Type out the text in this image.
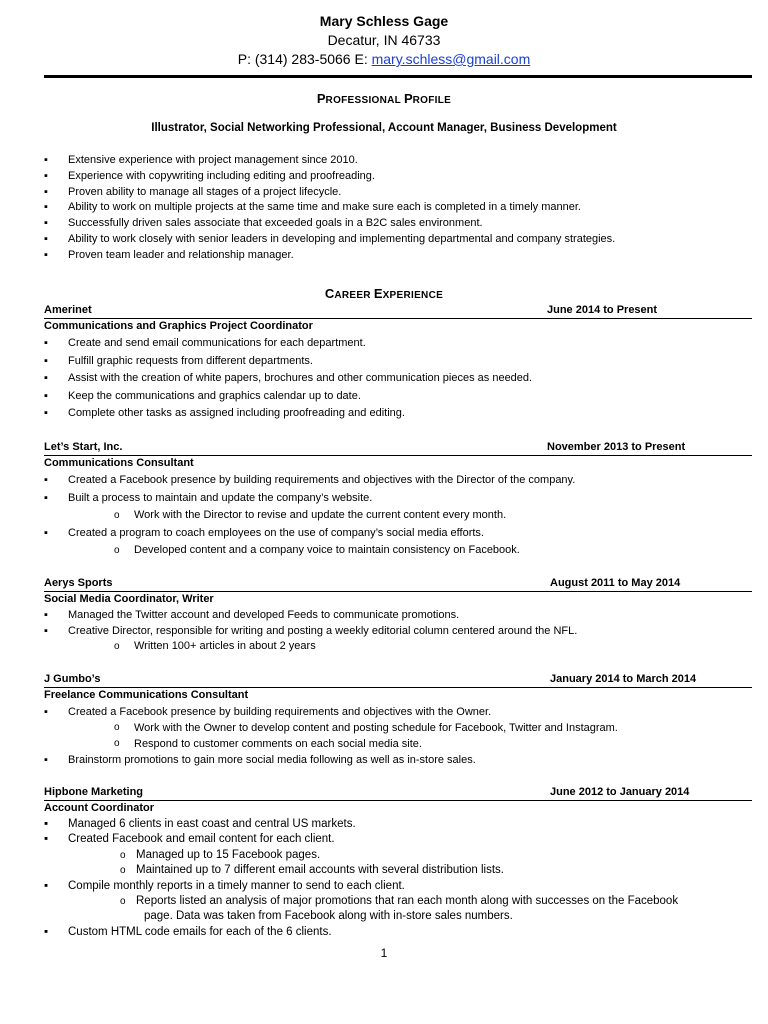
Mary Schless Gage
Decatur, IN 46733
P: (314) 283-5066 E: mary.schless@gmail.com
PROFESSIONAL PROFILE
Illustrator, Social Networking Professional, Account Manager, Business Development
▪ Extensive experience with project management since 2010.
▪ Experience with copywriting including editing and proofreading.
▪ Proven ability to manage all stages of a project lifecycle.
▪ Ability to work on multiple projects at the same time and make sure each is completed in a timely manner.
▪ Successfully driven sales associate that exceeded goals in a B2C sales environment.
▪ Ability to work closely with senior leaders in developing and implementing departmental and company strategies.
▪ Proven team leader and relationship manager.
CAREER EXPERIENCE
Amerinet	June 2014 to Present
Communications and Graphics Project Coordinator
▪ Create and send email communications for each department.
▪ Fulfill graphic requests from different departments.
▪ Assist with the creation of white papers, brochures and other communication pieces as needed.
▪ Keep the communications and graphics calendar up to date.
▪ Complete other tasks as assigned including proofreading and editing.
Let’s Start, Inc.	November 2013 to Present
Communications Consultant
▪ Created a Facebook presence by building requirements and objectives with the Director of the company.
▪ Built a process to maintain and update the company’s website.
o Work with the Director to revise and update the current content every month.
▪ Created a program to coach employees on the use of company’s social media efforts.
o Developed content and a company voice to maintain consistency on Facebook.
Aerys Sports	August 2011 to May 2014
Social Media Coordinator, Writer
▪ Managed the Twitter account and developed Feeds to communicate promotions.
▪ Creative Director, responsible for writing and posting a weekly editorial column centered around the NFL.
o Written 100+ articles in about 2 years
J Gumbo’s	January 2014 to March 2014
Freelance Communications Consultant
▪ Created a Facebook presence by building requirements and objectives with the Owner.
o Work with the Owner to develop content and posting schedule for Facebook, Twitter and Instagram.
o Respond to customer comments on each social media site.
▪ Brainstorm promotions to gain more social media following as well as in-store sales.
Hipbone Marketing	June 2012 to January 2014
Account Coordinator
▪ Managed 6 clients in east coast and central US markets.
▪ Created Facebook and email content for each client.
o Managed up to 15 Facebook pages.
o Maintained up to 7 different email accounts with several distribution lists.
▪ Compile monthly reports in a timely manner to send to each client.
o Reports listed an analysis of major promotions that ran each month along with successes on the Facebook
page. Data was taken from Facebook along with in-store sales numbers.
▪ Custom HTML code emails for each of the 6 clients.
1
